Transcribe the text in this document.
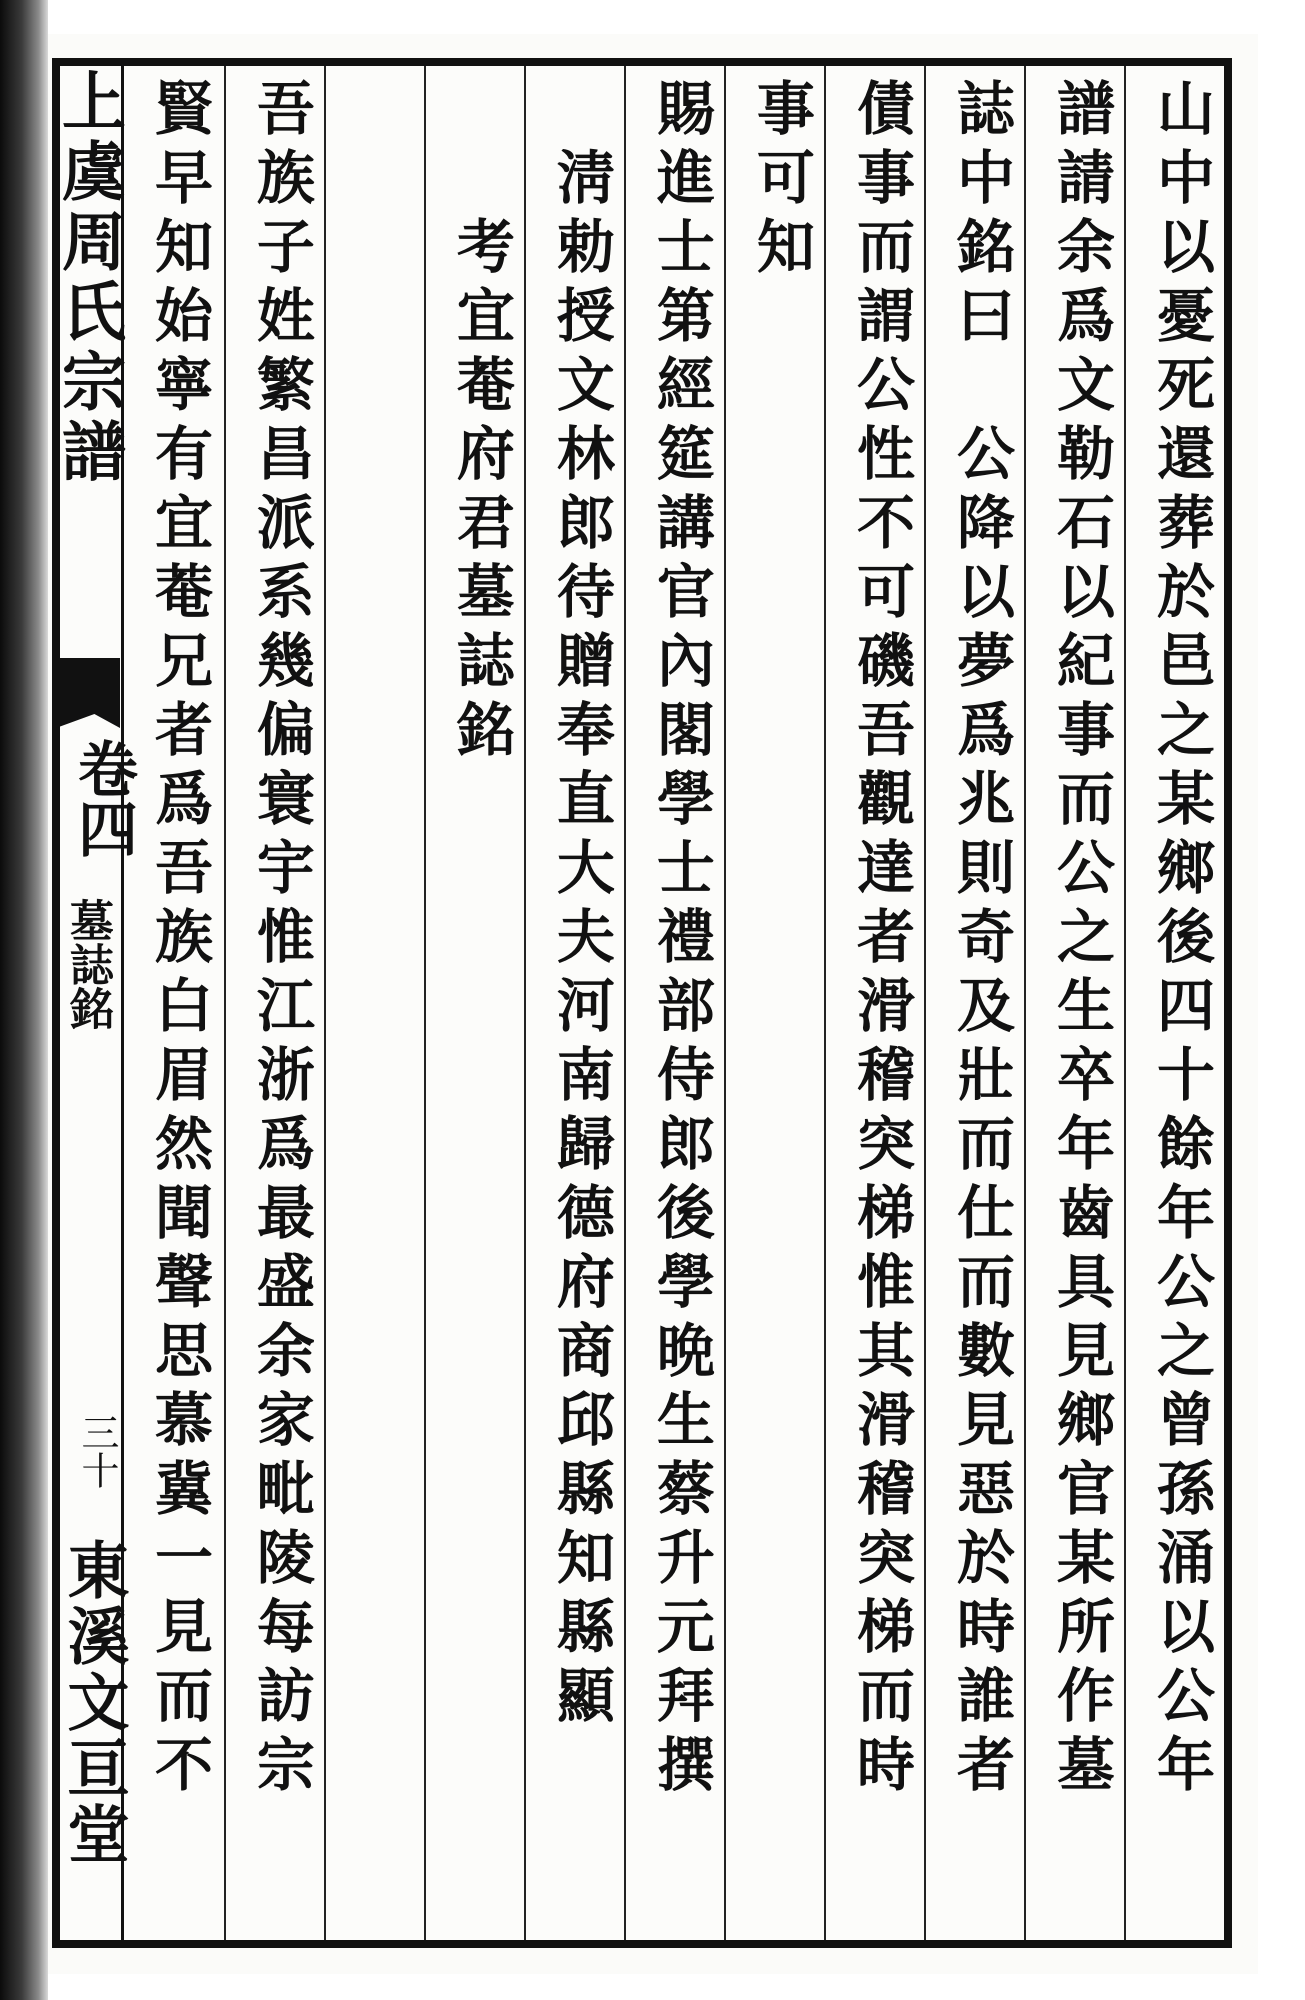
上虞周氏宗譜
卷四
墓誌銘
三十
東溪文亘堂	山中以憂死還葬於邑之某鄉後四十餘年公之曾孫涌以公年
譜請余爲文勒石以紀事而公之生卒年齒具見鄉官某所作墓
誌中銘曰　公降以夢爲兆則奇及壯而仕而數見惡於時誰者
債事而謂公性不可磯吾觀達者滑稽突梯惟其滑稽突梯而時
事可知
賜進士第經筵講官內閣學士禮部侍郎後學晩生蔡升元拜撰
淸勅授文林郎待贈奉直大夫河南歸德府商邱縣知縣顯
考宜菴府君墓誌銘
吾族子姓繁昌派系幾偏寰宇惟江浙爲最盛余家毗陵每訪宗
賢早知始寧有宜菴兄者爲吾族白眉然聞聲思慕冀一見而不
